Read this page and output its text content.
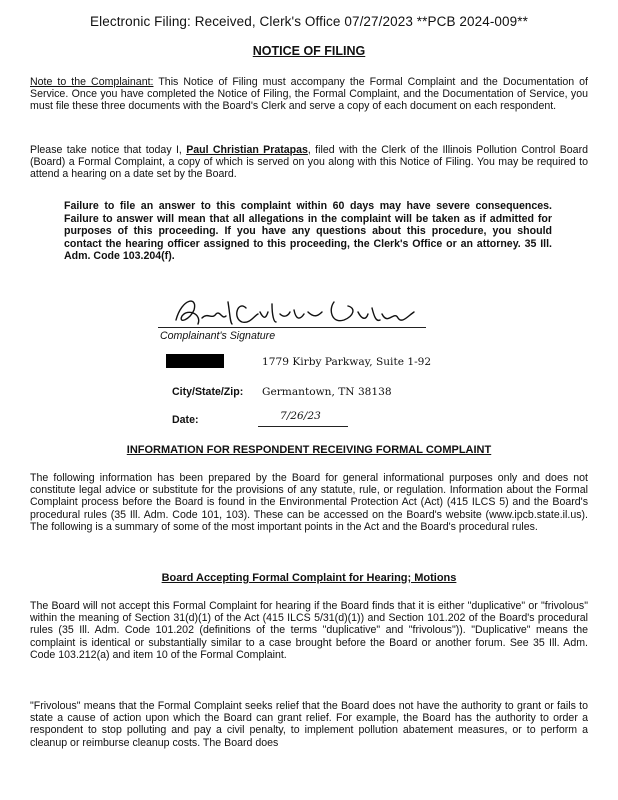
Electronic Filing: Received, Clerk's Office 07/27/2023 **PCB 2024-009**
NOTICE OF FILING
Note to the Complainant: This Notice of Filing must accompany the Formal Complaint and the Documentation of Service. Once you have completed the Notice of Filing, the Formal Complaint, and the Documentation of Service, you must file these three documents with the Board's Clerk and serve a copy of each document on each respondent.
Please take notice that today I, Paul Christian Pratapas, filed with the Clerk of the Illinois Pollution Control Board (Board) a Formal Complaint, a copy of which is served on you along with this Notice of Filing. You may be required to attend a hearing on a date set by the Board.
Failure to file an answer to this complaint within 60 days may have severe consequences. Failure to answer will mean that all allegations in the complaint will be taken as if admitted for purposes of this proceeding. If you have any questions about this procedure, you should contact the hearing officer assigned to this proceeding, the Clerk's Office or an attorney. 35 Ill. Adm. Code 103.204(f).
Complainant's Signature
1779 Kirby Parkway, Suite 1-92
City/State/Zip: Germantown, TN 38138
Date:	7/26/23
INFORMATION FOR RESPONDENT RECEIVING FORMAL COMPLAINT
The following information has been prepared by the Board for general informational purposes only and does not constitute legal advice or substitute for the provisions of any statute, rule, or regulation. Information about the Formal Complaint process before the Board is found in the Environmental Protection Act (Act) (415 ILCS 5) and the Board's procedural rules (35 Ill. Adm. Code 101, 103). These can be accessed on the Board's website (www.ipcb.state.il.us). The following is a summary of some of the most important points in the Act and the Board's procedural rules.
Board Accepting Formal Complaint for Hearing; Motions
The Board will not accept this Formal Complaint for hearing if the Board finds that it is either "duplicative" or "frivolous" within the meaning of Section 31(d)(1) of the Act (415 ILCS 5/31(d)(1)) and Section 101.202 of the Board's procedural rules (35 Ill. Adm. Code 101.202 (definitions of the terms "duplicative" and "frivolous")). "Duplicative" means the complaint is identical or substantially similar to a case brought before the Board or another forum. See 35 Ill. Adm. Code 103.212(a) and item 10 of the Formal Complaint.
"Frivolous" means that the Formal Complaint seeks relief that the Board does not have the authority to grant or fails to state a cause of action upon which the Board can grant relief. For example, the Board has the authority to order a respondent to stop polluting and pay a civil penalty, to implement pollution abatement measures, or to perform a cleanup or reimburse cleanup costs. The Board does
